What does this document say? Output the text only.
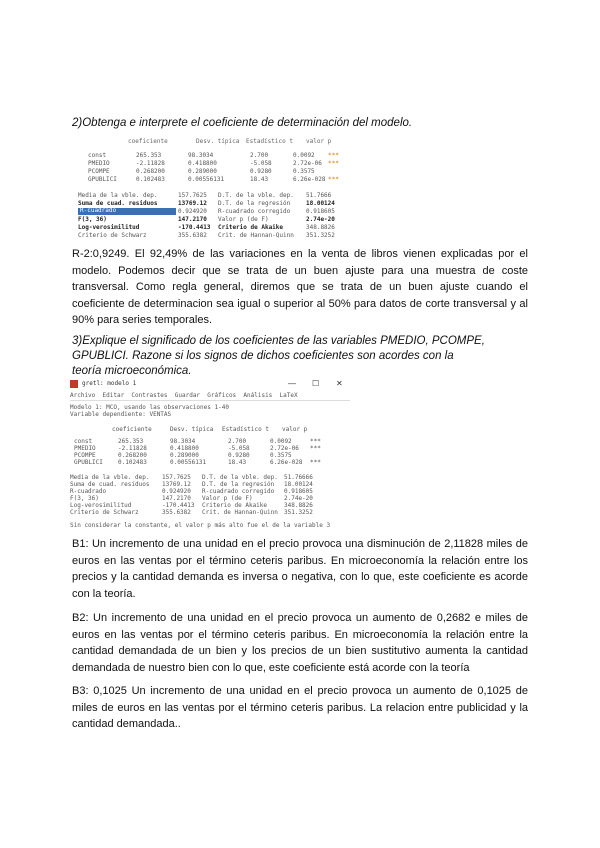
2)Obtenga e interprete el coeficiente de determinación del modelo.
coeficiente	Desv. típica Estadístico t valor p
const	265.353	98.3034	2.700	0.0092 ***
PMEDIO	-2.11828	0.418800	-5.058	2.72e-06 ***
PCOMPE	0.268200	0.289000	0.9280	0.3575
GPUBLICI	0.102483	0.00556131	18.43	6.26e-028 ***
Media de la vble. dep.	157.7625 D.T. de la vble. dep. 51.7666
Suma de cuad. residuos	13769.12 D.T. de la regresión	18.00124
R-cuadrado	0.924920 R-cuadrado corregido	0.918605
F(3, 36)	147.2170 Valor p (de F)	2.74e-20
Log-verosimilitud	-170.4413 Criterio de Akaike	348.8826
Criterio de Schwarz	355.6382 Crit. de Hannan-Quinn 351.3252
R-2:0,9249. El 92,49% de las variaciones en la venta de libros vienen explicadas por el modelo. Podemos decir que se trata de un buen ajuste para una muestra de coste transversal. Como regla general, diremos que se trata de un buen ajuste cuando el coeficiente de determinacion sea igual o superior al 50% para datos de corte transversal y al 90% para series temporales.
3)Explique el significado de los coeficientes de las variables PMEDIO, PCOMPE,
GPUBLICI. Razone si los signos de dichos coeficientes son acordes con la
teoría microeconómica.
gretl: modelo 1	— ☐ ✕
Archivo  Editar  Contrastes  Guardar  Gráficos  Análisis  LaTeX
Modelo 1: MCO, usando las observaciones 1-40
Variable dependiente: VENTAS
coeficiente	Desv. típica Estadístico t valor p
const	265.353	98.3034	2.700	0.0092	***
PMEDIO	-2.11828	0.418800	-5.058	2.72e-06 ***
PCOMPE	0.268200	0.289000	0.9280	0.3575
GPUBLICI	0.102483	0.00556131	18.43	6.26e-028 ***
Media de la vble. dep. 157.7625 D.T. de la vble. dep. 51.76666
Suma de cuad. residuos 13769.12 D.T. de la regresión 18.00124
R-cuadrado	0.924920 R-cuadrado corregido 0.918605
F(3, 36)	147.2170 Valor p (de F)	2.74e-20
Log-verosimilitud	-170.4413 Criterio de Akaike	348.8826
Criterio de Schwarz	355.6382 Crit. de Hannan-Quinn 351.3252
Sin considerar la constante, el valor p más alto fue el de la variable 3
B1: Un incremento de una unidad en el precio provoca una disminución de 2,11828 miles de euros en las ventas por el término ceteris paribus. En microeconomía la relación entre los precios y la cantidad demanda es inversa o negativa, con lo que, este coeficiente es acorde con la teoría.
B2: Un incremento de una unidad en el precio provoca un aumento de 0,2682 e miles de euros en las ventas por el término ceteris paribus. En microeconomía la relación entre la cantidad demandada de un bien y los precios de un bien sustitutivo aumenta la cantidad demandada de nuestro bien con lo que, este coeficiente está acorde con la teoría
B3: 0,1025 Un incremento de una unidad en el precio provoca un aumento de 0,1025 de miles de euros en las ventas por el término ceteris paribus. La relacion entre publicidad y la cantidad demandada..
